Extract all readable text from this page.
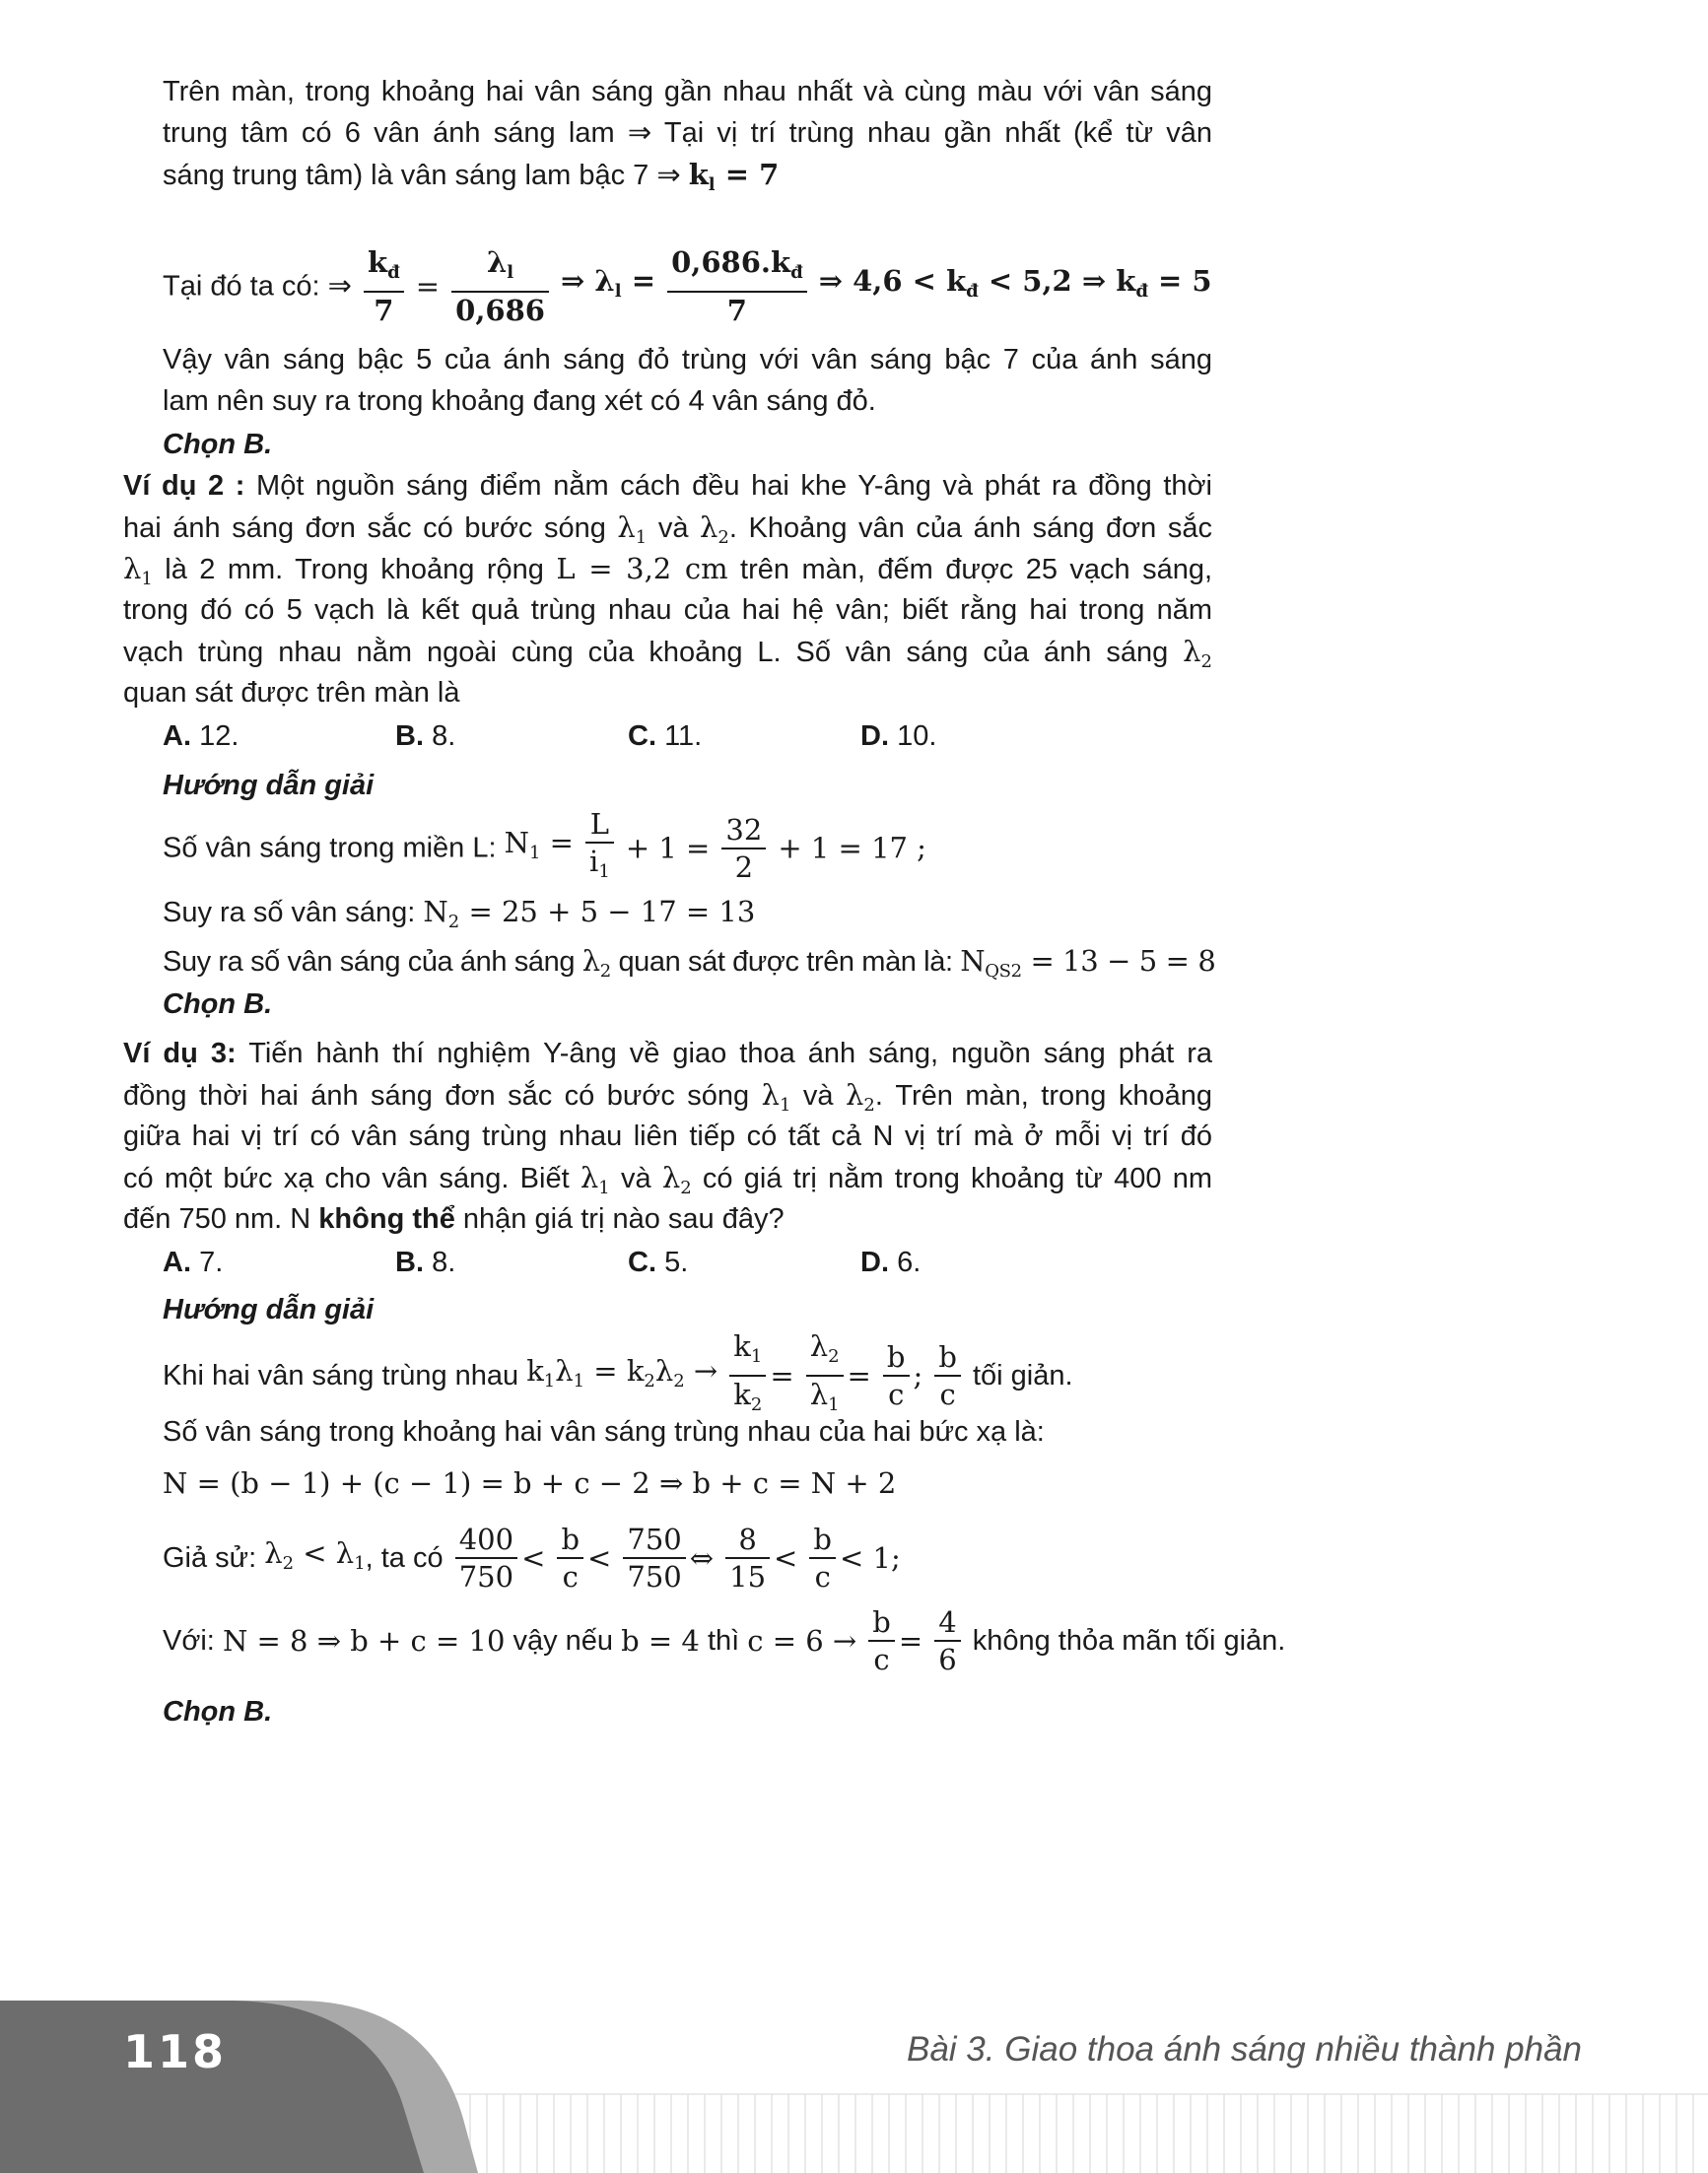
Trên màn, trong khoảng hai vân sáng gần nhau nhất và cùng màu với vân sáng
trung tâm có 6 vân ánh sáng lam ⇒ Tại vị trí trùng nhau gần nhất (kể từ vân
sáng trung tâm) là vân sáng lam bậc 7 ⇒ $k_l = 7$
Tại đó ta có: ⇒ $\frac{k_đ}{7} = \frac{\lambda_l}{0,686}$ ⇒ $\lambda_l = \frac{0,686.k_đ}{7}$ ⇒ $4,6 < k_đ < 5,2$ ⇒ $k_đ = 5$
Vậy vân sáng bậc 5 của ánh sáng đỏ trùng với vân sáng bậc 7 của ánh sáng
lam nên suy ra trong khoảng đang xét có 4 vân sáng đỏ.
Chọn B.
Ví dụ 2 : Một nguồn sáng điểm nằm cách đều hai khe Y-âng và phát ra đồng thời
hai ánh sáng đơn sắc có bước sóng $\lambda_1$ và $\lambda_2$. Khoảng vân của ánh sáng đơn sắc
$\lambda_1$ là 2 mm. Trong khoảng rộng L = 3,2 cm trên màn, đếm được 25 vạch sáng,
trong đó có 5 vạch là kết quả trùng nhau của hai hệ vân; biết rằng hai trong năm
vạch trùng nhau nằm ngoài cùng của khoảng L. Số vân sáng của ánh sáng $\lambda_2$
quan sát được trên màn là
A. 12.	B. 8.	C. 11.	D. 10.
Hướng dẫn giải
Số vân sáng trong miền L: $N_1 = \frac{L}{i_1} + 1 = \frac{32}{2} + 1 = 17$ ;
Suy ra số vân sáng: $N_2 = 25 + 5 - 17 = 13$
Suy ra số vân sáng của ánh sáng $\lambda_2$ quan sát được trên màn là: $N_{QS2} = 13 - 5 = 8$
Chọn B.
Ví dụ 3: Tiến hành thí nghiệm Y-âng về giao thoa ánh sáng, nguồn sáng phát ra
đồng thời hai ánh sáng đơn sắc có bước sóng $\lambda_1$ và $\lambda_2$. Trên màn, trong khoảng
giữa hai vị trí có vân sáng trùng nhau liên tiếp có tất cả N vị trí mà ở mỗi vị trí đó
có một bức xạ cho vân sáng. Biết $\lambda_1$ và $\lambda_2$ có giá trị nằm trong khoảng từ 400 nm
đến 750 nm. N không thể nhận giá trị nào sau đây?
A. 7.	B. 8.	C. 5.	D. 6.
Hướng dẫn giải
Khi hai vân sáng trùng nhau $k_1\lambda_1 = k_2\lambda_2 \to \frac{k_1}{k_2} = \frac{\lambda_2}{\lambda_1} = \frac{b}{c}$ ; $\frac{b}{c}$ tối giản.
Số vân sáng trong khoảng hai vân sáng trùng nhau của hai bức xạ là:
N = (b − 1) + (c − 1) = b + c − 2 ⇒ b + c = N + 2
Giả sử: $\lambda_2 < \lambda_1$, ta có $\frac{400}{750} < \frac{b}{c} < \frac{750}{750}$ ⇔ $\frac{8}{15} < \frac{b}{c} < 1$;
Với: N = 8 ⇒ b + c = 10 vậy nếu b = 4 thì $c = 6 \to \frac{b}{c} = \frac{4}{6}$ không thỏa mãn tối giản.
Chọn B.
118	Bài 3. Giao thoa ánh sáng nhiều thành phần
